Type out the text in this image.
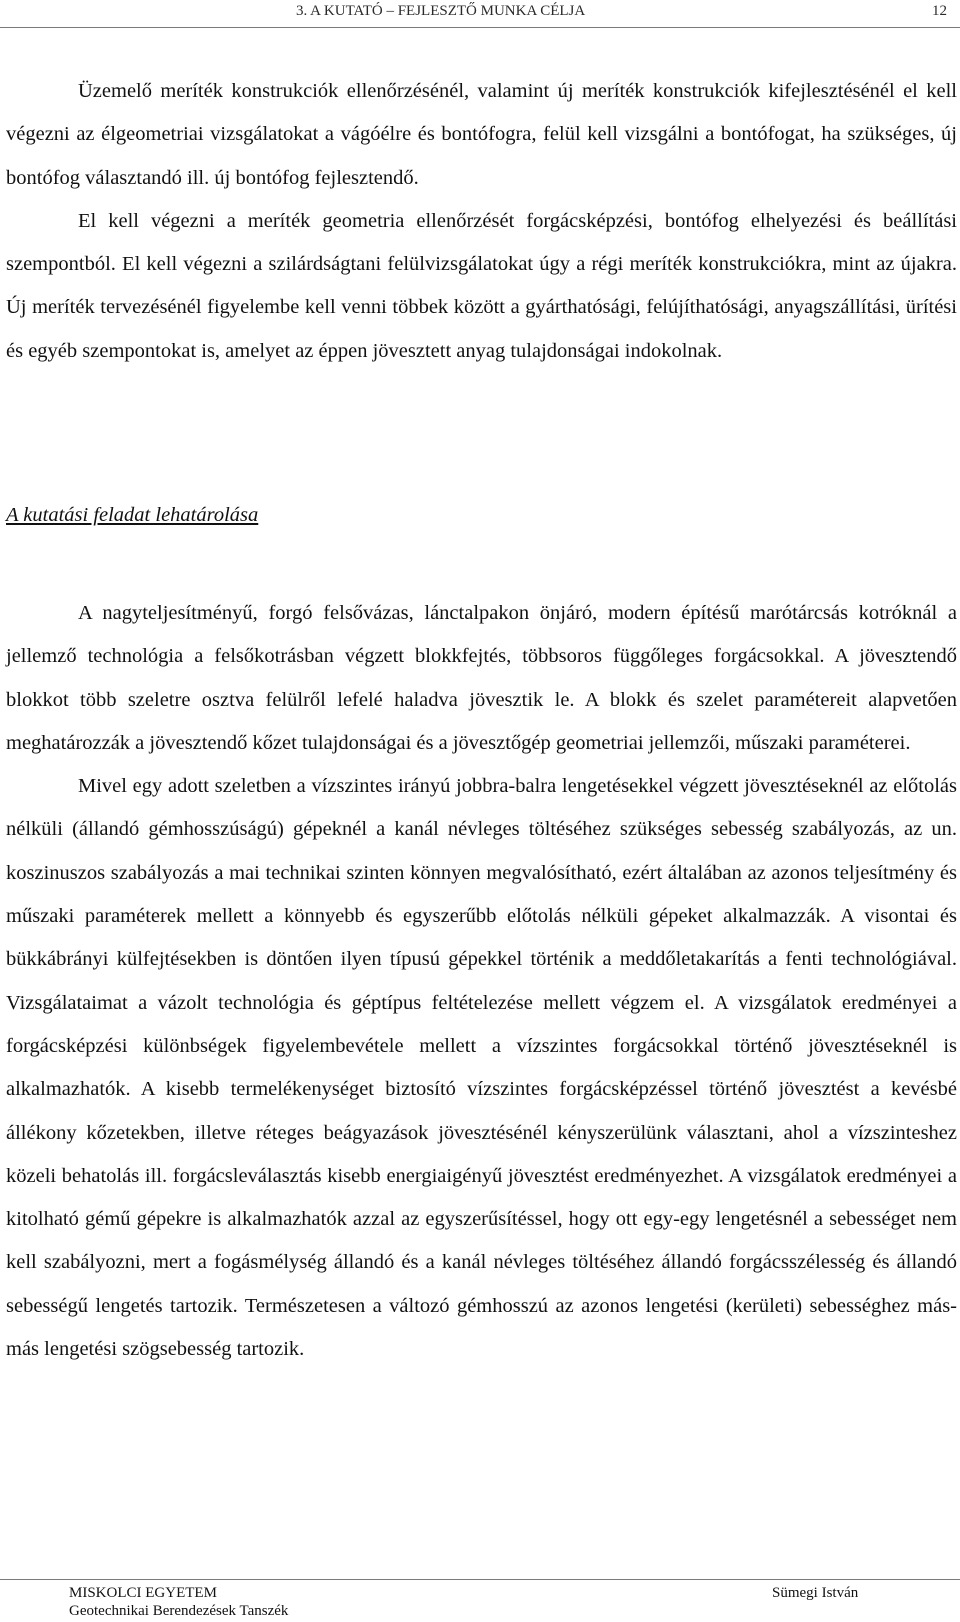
3. A KUTATÓ – FEJLESZTŐ MUNKA CÉLJA	12

Üzemelő meríték konstrukciók ellenőrzésénél, valamint új meríték konstrukciók kifejlesztésénél el kell végezni az élgeometriai vizsgálatokat a vágóélre és bontófogra, felül kell vizsgálni a bontófogat, ha szükséges, új bontófog választandó ill. új bontófog fejlesztendő.

El kell végezni a meríték geometria ellenőrzését forgácsképzési, bontófog elhelyezési és beállítási szempontból. El kell végezni a szilárdságtani felülvizsgálatokat úgy a régi meríték konstrukciókra, mint az újakra. Új meríték tervezésénél figyelembe kell venni többek között a gyárthatósági, felújíthatósági, anyagszállítási, ürítési és egyéb szempontokat is, amelyet az éppen jövesztett anyag tulajdonságai indokolnak.

A kutatási feladat lehatárolása

A nagyteljesítményű, forgó felsővázas, lánctalpakon önjáró, modern építésű marótárcsás kotróknál a jellemző technológia a felsőkotrásban végzett blokkfejtés, többsoros függőleges forgácsokkal. A jövesztendő blokkot több szeletre osztva felülről lefelé haladva jövesztik le. A blokk és szelet paramétereit alapvetően meghatározzák a jövesztendő kőzet tulajdonságai és a jövesztőgép geometriai jellemzői, műszaki paraméterei.

Mivel egy adott szeletben a vízszintes irányú jobbra-balra lengetésekkel végzett jövesztéseknél az előtolás nélküli (állandó gémhosszúságú) gépeknél a kanál névleges töltéséhez szükséges sebesség szabályozás, az un. koszinuszos szabályozás a mai technikai szinten könnyen megvalósítható, ezért általában az azonos teljesítmény és műszaki paraméterek mellett a könnyebb és egyszerűbb előtolás nélküli gépeket alkalmazzák. A visontai és bükkábrányi külfejtésekben is döntően ilyen típusú gépekkel történik a meddőletakarítás a fenti technológiával. Vizsgálataimat a vázolt technológia és géptípus feltételezése mellett végzem el. A vizsgálatok eredményei a forgácsképzési különbségek figyelembevétele mellett a vízszintes forgácsokkal történő jövesztéseknél is alkalmazhatók. A kisebb termelékenységet biztosító vízszintes forgácsképzéssel történő jövesztést a kevésbé állékony kőzetekben, illetve réteges beágyazások jövesztésénél kényszerülünk választani, ahol a vízszinteshez közeli behatolás ill. forgácsleválasztás kisebb energiaigényű jövesztést eredményezhet. A vizsgálatok eredményei a kitolható gémű gépekre is alkalmazhatók azzal az egyszerűsítéssel, hogy ott egy-egy lengetésnél a sebességet nem kell szabályozni, mert a fogásmélység állandó és a kanál névleges töltéséhez állandó forgácsszélesség és állandó sebességű lengetés tartozik. Természetesen a változó gémhosszú az azonos lengetési (kerületi) sebességhez más-más lengetési szögsebesség tartozik.

MISKOLCI EGYETEM
Geotechnikai Berendezések Tanszék
Sümegi István
